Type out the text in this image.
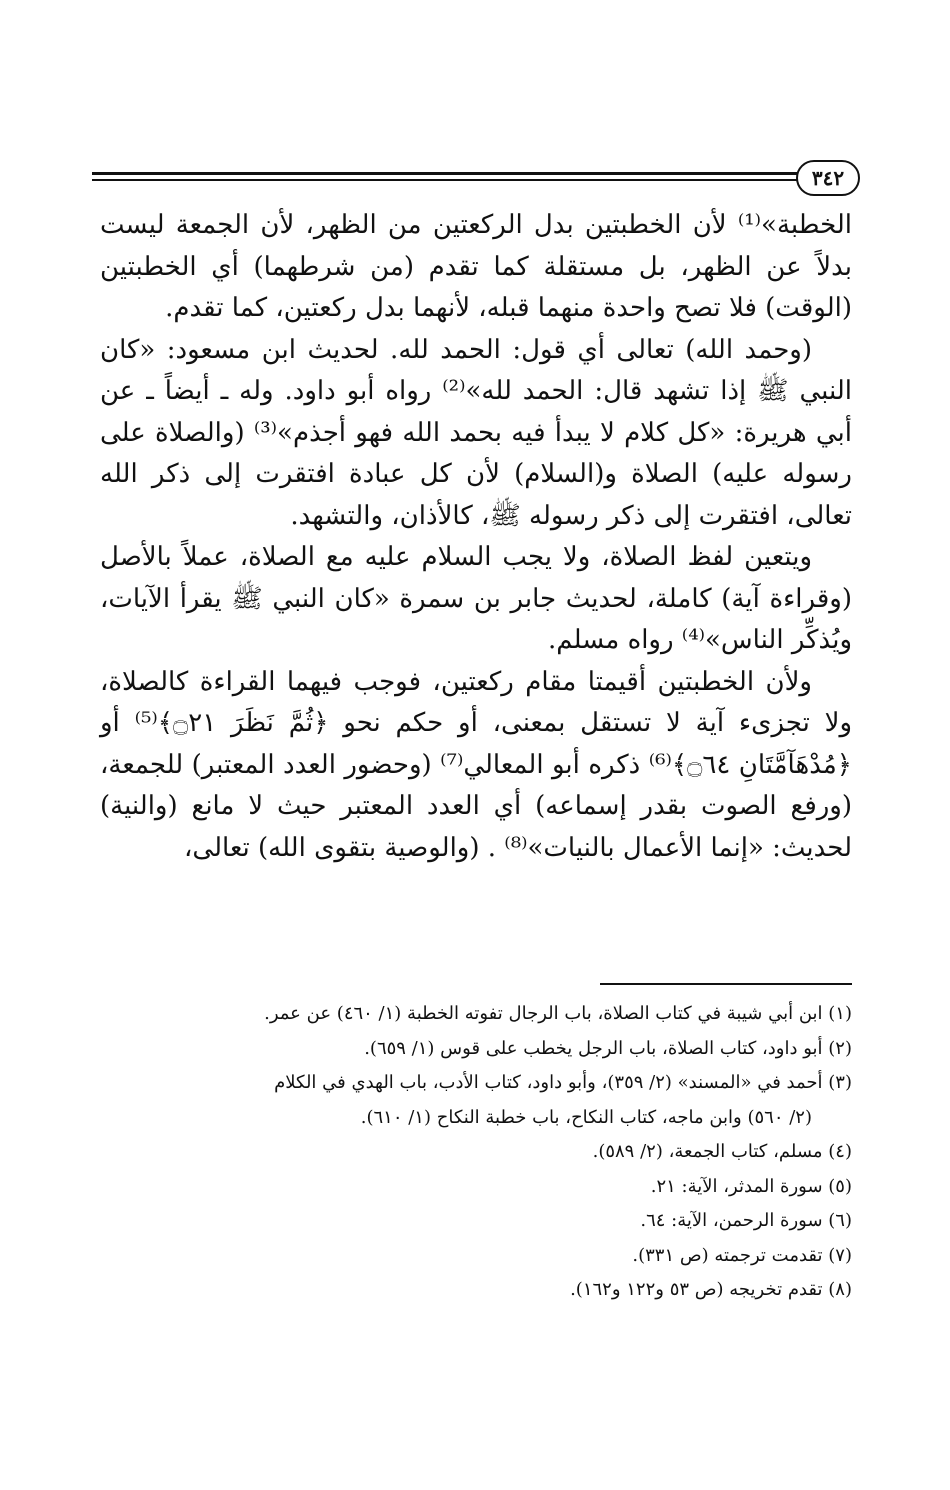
٣٤٢

الخطبة»⁽¹⁾ لأن الخطبتين بدل الركعتين من الظهر، لأن الجمعة ليست بدلاً عن الظهر، بل مستقلة كما تقدم (من شرطهما) أي الخطبتين (الوقت) فلا تصح واحدة منهما قبله، لأنهما بدل ركعتين، كما تقدم.

(وحمد الله) تعالى أي قول: الحمد لله. لحديث ابن مسعود: «كان النبي ﷺ إذا تشهد قال: الحمد لله»⁽²⁾ رواه أبو داود. وله ـ أيضاً ـ عن أبي هريرة: «كل كلام لا يبدأ فيه بحمد الله فهو أجذم»⁽³⁾ (والصلاة على رسوله عليه) الصلاة و(السلام) لأن كل عبادة افتقرت إلى ذكر الله تعالى، افتقرت إلى ذكر رسوله ﷺ، كالأذان، والتشهد.

ويتعين لفظ الصلاة، ولا يجب السلام عليه مع الصلاة، عملاً بالأصل (وقراءة آية) كاملة، لحديث جابر بن سمرة «كان النبي ﷺ يقرأ الآيات، ويُذكِّر الناس»⁽⁴⁾ رواه مسلم.

ولأن الخطبتين أقيمتا مقام ركعتين، فوجب فيهما القراءة كالصلاة، ولا تجزىء آية لا تستقل بمعنى، أو حكم نحو ﴿ثُمَّ نَظَرَ ۝٢١﴾⁽⁵⁾ أو ﴿مُدْهَآمَّتَانِ ۝٦٤﴾⁽⁶⁾ ذكره أبو المعالي⁽⁷⁾ (وحضور العدد المعتبر) للجمعة، (ورفع الصوت بقدر إسماعه) أي العدد المعتبر حيث لا مانع (والنية) لحديث: «إنما الأعمال بالنيات»⁽⁸⁾ . (والوصية بتقوى الله) تعالى،

(١) ابن أبي شيبة في كتاب الصلاة، باب الرجال تفوته الخطبة (١/ ٤٦٠) عن عمر.

(٢) أبو داود، كتاب الصلاة، باب الرجل يخطب على قوس (١/ ٦٥٩).

(٣) أحمد في «المسند» (٢/ ٣٥٩)، وأبو داود، كتاب الأدب، باب الهدي في الكلام

(٢/ ٥٦٠) وابن ماجه، كتاب النكاح، باب خطبة النكاح (١/ ٦١٠).

(٤) مسلم، كتاب الجمعة، (٢/ ٥٨٩).

(٥) سورة المدثر، الآية: ٢١.

(٦) سورة الرحمن، الآية: ٦٤.

(٧) تقدمت ترجمته (ص ٣٣١).

(٨) تقدم تخريجه (ص ٥٣ و١٢٢ و١٦٢).
